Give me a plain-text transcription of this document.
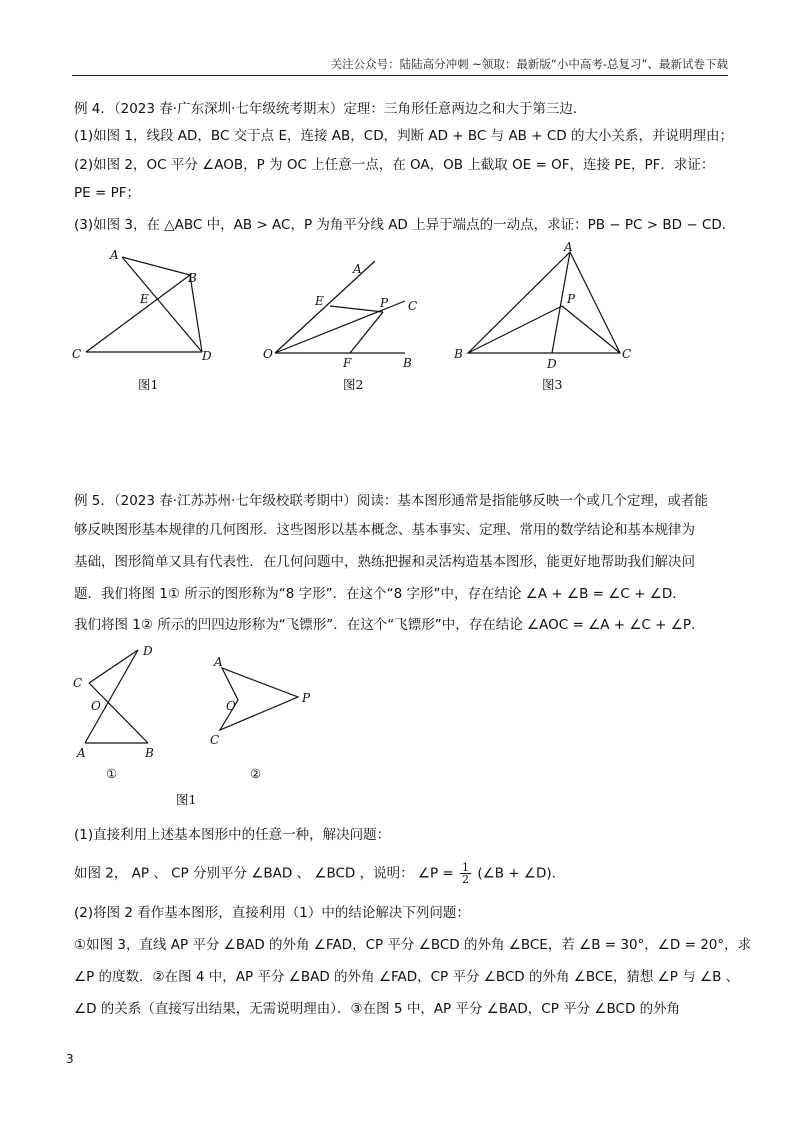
关注公众号：陆陆高分冲刺 ~领取：最新版“小中高考-总复习”、最新试卷下载
例 4．（2023 春·广东深圳·七年级统考期末）定理：三角形任意两边之和大于第三边．
(1)如图 1，线段 AD，BC 交于点 E，连接 AB，CD，判断 AD + BC 与 AB + CD 的大小关系，并说明理由；
(2)如图 2，OC 平分 ∠AOB，P 为 OC 上任意一点，在 OA，OB 上截取 OE = OF，连接 PE，PF．求证：
PE = PF；
(3)如图 3，在 △ABC 中，AB > AC，P 为角平分线 AD 上异于端点的一动点，求证：PB − PC > BD − CD．
A
B
E
C	D
图1
A
E	P C
O
F	B
图2
A
P
B
D
C
图3
例 5．（2023 春·江苏苏州·七年级校联考期中）阅读：基本图形通常是指能够反映一个或几个定理，或者能
够反映图形基本规律的几何图形．这些图形以基本概念、基本事实、定理、常用的数学结论和基本规律为
基础，图形简单又具有代表性．在几何问题中，熟练把握和灵活构造基本图形，能更好地帮助我们解决问
题．我们将图 1① 所示的图形称为“8 字形”．在这个“8 字形”中，存在结论 ∠A + ∠B = ∠C + ∠D．
我们将图 1② 所示的凹四边形称为“飞镖形”．在这个“飞镖形”中，存在结论 ∠AOC = ∠A + ∠C + ∠P．
D
C
O
A	B
A
O
P
C
①	②
图1
(1)直接利用上述基本图形中的任意一种，解决问题：
如图 2， AP 、 CP 分别平分 ∠BAD 、 ∠BCD ，说明： ∠P = $\frac{1}{2}$ (∠B + ∠D)．
(2)将图 2 看作基本图形，直接利用（1）中的结论解决下列问题：
①如图 3，直线 AP 平分 ∠BAD 的外角 ∠FAD，CP 平分 ∠BCD 的外角 ∠BCE，若 ∠B = 30°，∠D = 20°，求
∠P 的度数．②在图 4 中，AP 平分 ∠BAD 的外角 ∠FAD，CP 平分 ∠BCD 的外角 ∠BCE，猜想 ∠P 与 ∠B 、
∠D 的关系（直接写出结果，无需说明理由）．③在图 5 中，AP 平分 ∠BAD，CP 平分 ∠BCD 的外角
3
